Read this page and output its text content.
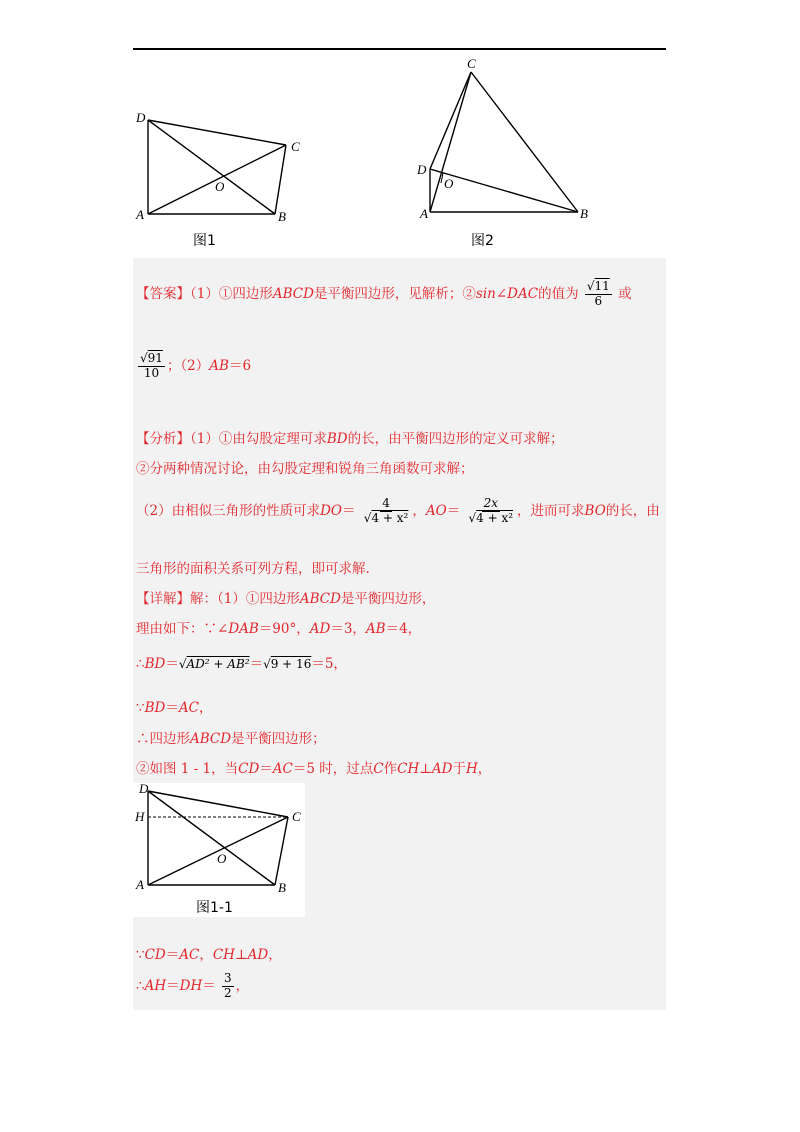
D
C
A	B
O
图1
C
D
O
A	B
图2
【答案】（1）①四边形ABCD是平衡四边形，见解析；②sin∠DAC的值为 $\frac{√11}{6}$ 或
$\frac{√91}{10}$ ；（2）AB＝6
【分析】（1）①由勾股定理可求BD的长，由平衡四边形的定义可求解；
②分两种情况讨论，由勾股定理和锐角三角函数可求解；
（2）由相似三角形的性质可求$DO= \frac{4}{\text{√4 + x²}}$ ，$AO= \frac{2x}{\text{√4 + x²}}$ ，进而可求BO的长，由
三角形的面积关系可列方程，即可求解.
【详解】解：（1）①四边形ABCD是平衡四边形，
理由如下：∵∠DAB＝90°，AD＝3，AB＝4，
∴BD＝√AD² + AB²＝√9 + 16＝5，
∵BD＝AC，
∴四边形ABCD是平衡四边形；
②如图 1 - 1，当CD＝AC＝5 时，过点C作CH⊥AD于H，
D
H	C
O
A	B
图1-1
∵CD＝AC，CH⊥AD，
∴AH＝DH＝ $\frac{3}{2}$ ，
